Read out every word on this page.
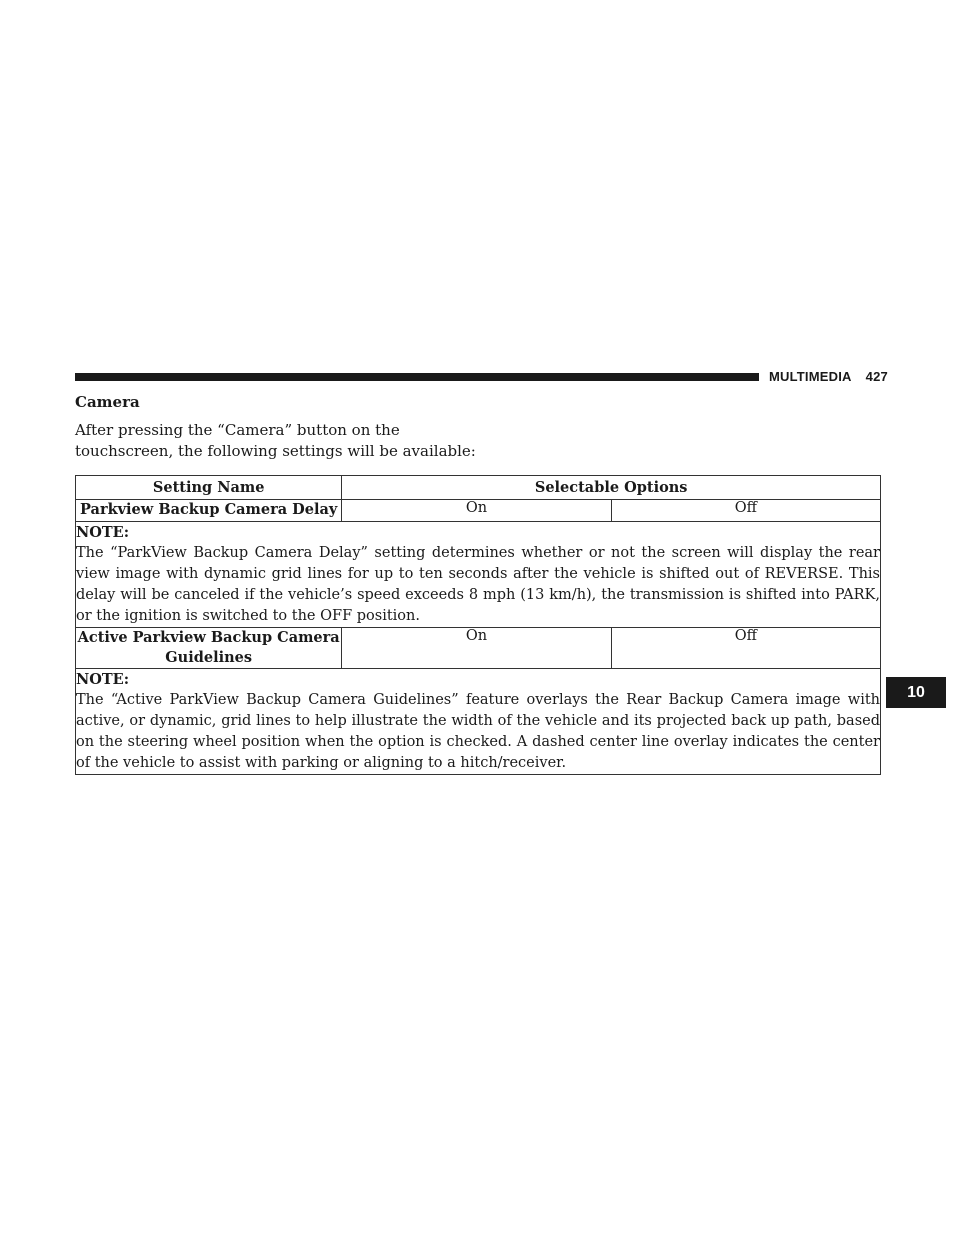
MULTIMEDIA 427
Camera
After pressing the “Camera” button on the touchscreen, the following settings will be available:
Setting Name	Selectable Options	
Parkview Backup Camera Delay	On	Off

NOTE:
The “ParkView Backup Camera Delay” setting determines whether or not the screen will display the rear view image with dynamic grid lines for up to ten seconds after the vehicle is shifted out of REVERSE. This delay will be canceled if the vehicle’s speed exceeds 8 mph (13 km/h), the transmission is shifted into PARK, or the ignition is switched to the OFF position.		

Active Parkview Backup Camera Guidelines	On	Off

NOTE:
The “Active ParkView Backup Camera Guidelines” feature overlays the Rear Backup Camera image with active, or dynamic, grid lines to help illustrate the width of the vehicle and its projected back up path, based on the steering wheel position when the option is checked. A dashed center line overlay indicates the center of the vehicle to assist with parking or aligning to a hitch/receiver.		
10
